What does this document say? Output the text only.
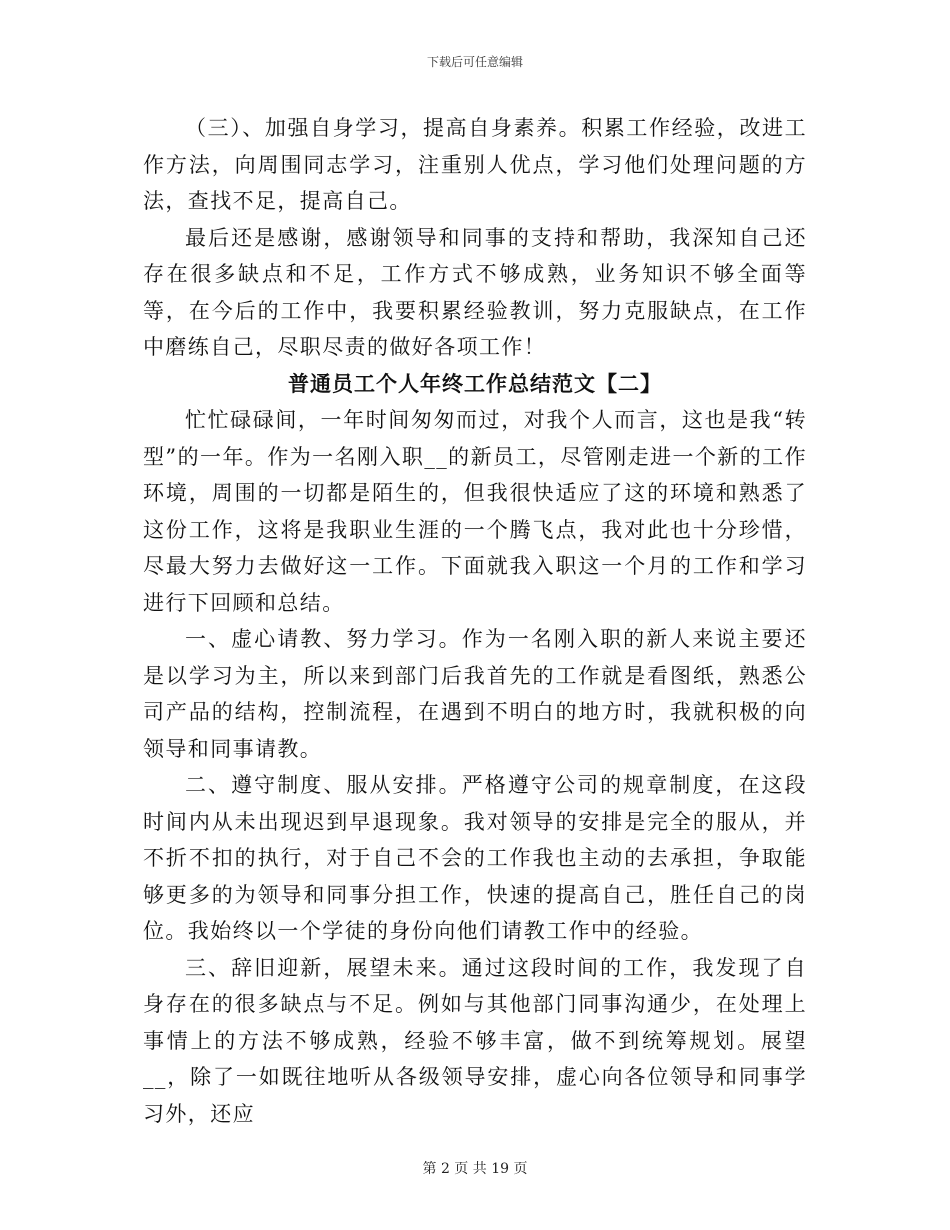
下载后可任意编辑

（三）、加强自身学习，提高自身素养。积累工作经验，改进工作方法，向周围同志学习，注重别人优点，学习他们处理问题的方法，查找不足，提高自己。

最后还是感谢，感谢领导和同事的支持和帮助，我深知自己还存在很多缺点和不足，工作方式不够成熟，业务知识不够全面等等，在今后的工作中，我要积累经验教训，努力克服缺点，在工作中磨练自己，尽职尽责的做好各项工作！

普通员工个人年终工作总结范文【二】

忙忙碌碌间，一年时间匆匆而过，对我个人而言，这也是我“转型”的一年。作为一名刚入职__的新员工，尽管刚走进一个新的工作环境，周围的一切都是陌生的，但我很快适应了这的环境和熟悉了这份工作，这将是我职业生涯的一个腾飞点，我对此也十分珍惜，尽最大努力去做好这一工作。下面就我入职这一个月的工作和学习进行下回顾和总结。

一、虚心请教、努力学习。作为一名刚入职的新人来说主要还是以学习为主，所以来到部门后我首先的工作就是看图纸，熟悉公司产品的结构，控制流程，在遇到不明白的地方时，我就积极的向领导和同事请教。

二、遵守制度、服从安排。严格遵守公司的规章制度，在这段时间内从未出现迟到早退现象。我对领导的安排是完全的服从，并不折不扣的执行，对于自己不会的工作我也主动的去承担，争取能够更多的为领导和同事分担工作，快速的提高自己，胜任自己的岗位。我始终以一个学徒的身份向他们请教工作中的经验。

三、辞旧迎新，展望未来。通过这段时间的工作，我发现了自身存在的很多缺点与不足。例如与其他部门同事沟通少，在处理上事情上的方法不够成熟，经验不够丰富，做不到统筹规划。展望__，除了一如既往地听从各级领导安排，虚心向各位领导和同事学习外，还应

第 2 页 共 19 页
